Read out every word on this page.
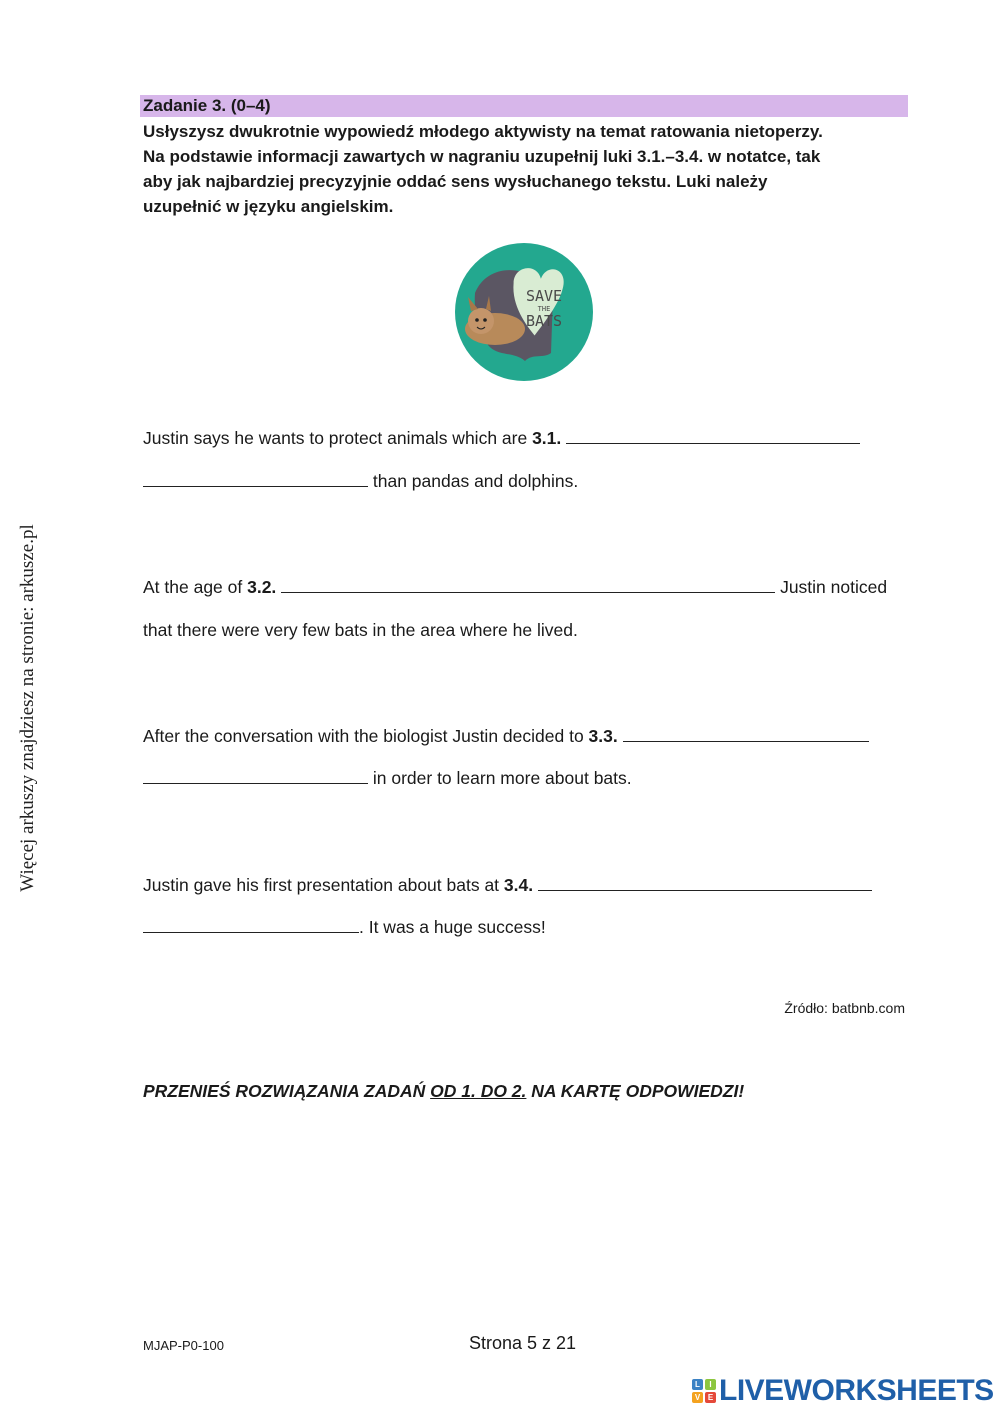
Więcej arkuszy znajdziesz na stronie: arkusze.pl
Zadanie 3. (0–4)
Usłyszysz dwukrotnie wypowiedź młodego aktywisty na temat ratowania nietoperzy.
Na podstawie informacji zawartych w nagraniu uzupełnij luki 3.1.–3.4. w notatce, tak
aby jak najbardziej precyzyjnie oddać sens wysłuchanego tekstu. Luki należy
uzupełnić w języku angielskim.
SAVE
THE
BATS
Justin says he wants to protect animals which are 3.1.
than pandas and dolphins.
At the age of 3.2.	Justin noticed
that there were very few bats in the area where he lived.
After the conversation with the biologist Justin decided to 3.3.
in order to learn more about bats.
Justin gave his first presentation about bats at 3.4.
. It was a huge success!
Źródło: batbnb.com
PRZENIEŚ ROZWIĄZANIA ZADAŃ OD 1. DO 2. NA KARTĘ ODPOWIEDZI!
MJAP-P0-100	Strona 5 z 21
L	I
V E LIVEWORKSHEETS
